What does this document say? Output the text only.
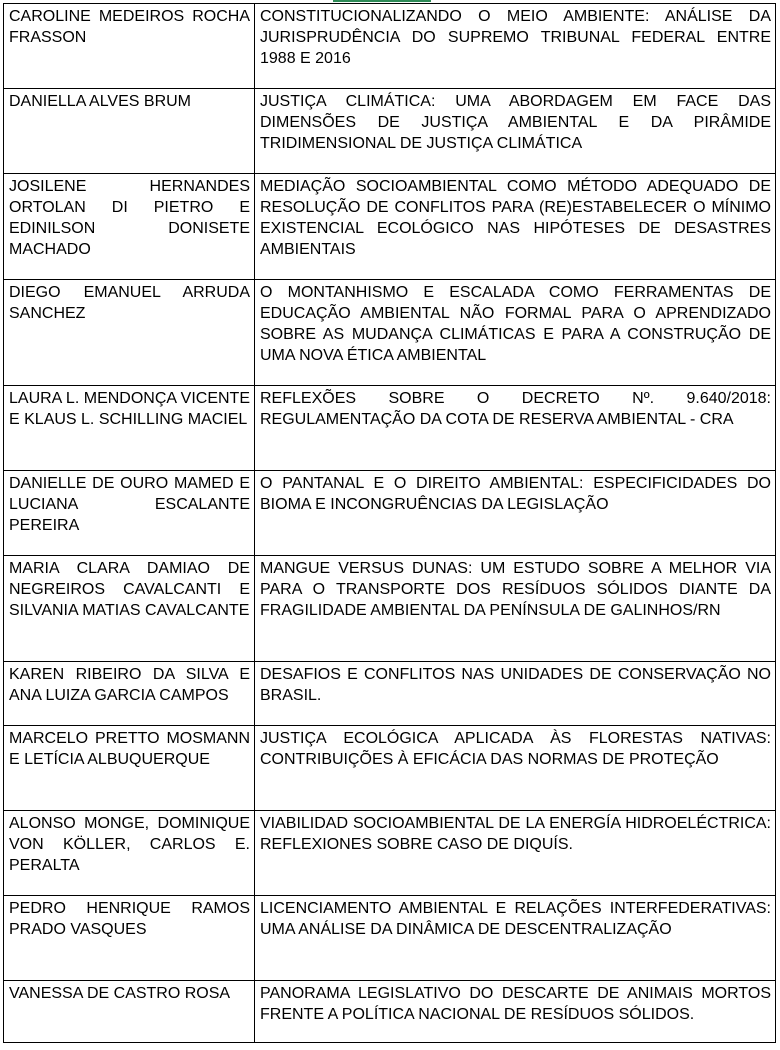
CAROLINE MEDEIROS ROCHA FRASSON	CONSTITUCIONALIZANDO O MEIO AMBIENTE: ANÁLISE DA JURISPRUDÊNCIA DO SUPREMO TRIBUNAL FEDERAL ENTRE 1988 E 2016
DANIELLA ALVES BRUM	JUSTIÇA CLIMÁTICA: UMA ABORDAGEM EM FACE DAS DIMENSÕES DE JUSTIÇA AMBIENTAL E DA PIRÂMIDE TRIDIMENSIONAL DE JUSTIÇA CLIMÁTICA
JOSILENE HERNANDES ORTOLAN DI PIETRO E EDINILSON DONISETE MACHADO	MEDIAÇÃO SOCIOAMBIENTAL COMO MÉTODO ADEQUADO DE RESOLUÇÃO DE CONFLITOS PARA (RE)ESTABELECER O MÍNIMO EXISTENCIAL ECOLÓGICO NAS HIPÓTESES DE DESASTRES AMBIENTAIS
DIEGO EMANUEL ARRUDA SANCHEZ	O MONTANHISMO E ESCALADA COMO FERRAMENTAS DE EDUCAÇÃO AMBIENTAL NÃO FORMAL PARA O APRENDIZADO SOBRE AS MUDANÇA CLIMÁTICAS E PARA A CONSTRUÇÃO DE UMA NOVA ÉTICA AMBIENTAL
LAURA L. MENDONÇA VICENTE E KLAUS L. SCHILLING MACIEL	REFLEXÕES SOBRE O DECRETO Nº. 9.640/2018: REGULAMENTAÇÃO DA COTA DE RESERVA AMBIENTAL - CRA
DANIELLE DE OURO MAMED E LUCIANA ESCALANTE PEREIRA	O PANTANAL E O DIREITO AMBIENTAL: ESPECIFICIDADES DO BIOMA E INCONGRUÊNCIAS DA LEGISLAÇÃO
MARIA CLARA DAMIAO DE NEGREIROS CAVALCANTI E SILVANIA MATIAS CAVALCANTE	MANGUE VERSUS DUNAS: UM ESTUDO SOBRE A MELHOR VIA PARA O TRANSPORTE DOS RESÍDUOS SÓLIDOS DIANTE DA FRAGILIDADE AMBIENTAL DA PENÍNSULA DE GALINHOS/RN
KAREN RIBEIRO DA SILVA E ANA LUIZA GARCIA CAMPOS	DESAFIOS E CONFLITOS NAS UNIDADES DE CONSERVAÇÃO NO BRASIL.
MARCELO PRETTO MOSMANN E LETÍCIA ALBUQUERQUE	JUSTIÇA ECOLÓGICA APLICADA ÀS FLORESTAS NATIVAS: CONTRIBUIÇÕES À EFICÁCIA DAS NORMAS DE PROTEÇÃO
ALONSO MONGE, DOMINIQUE VON KÖLLER, CARLOS E. PERALTA	VIABILIDAD SOCIOAMBIENTAL DE LA ENERGÍA HIDROELÉCTRICA: REFLEXIONES SOBRE CASO DE DIQUÍS.
PEDRO HENRIQUE RAMOS PRADO VASQUES	LICENCIAMENTO AMBIENTAL E RELAÇÕES INTERFEDERATIVAS: UMA ANÁLISE DA DINÂMICA DE DESCENTRALIZAÇÃO
VANESSA DE CASTRO ROSA	PANORAMA LEGISLATIVO DO DESCARTE DE ANIMAIS MORTOS FRENTE A POLÍTICA NACIONAL DE RESÍDUOS SÓLIDOS.
